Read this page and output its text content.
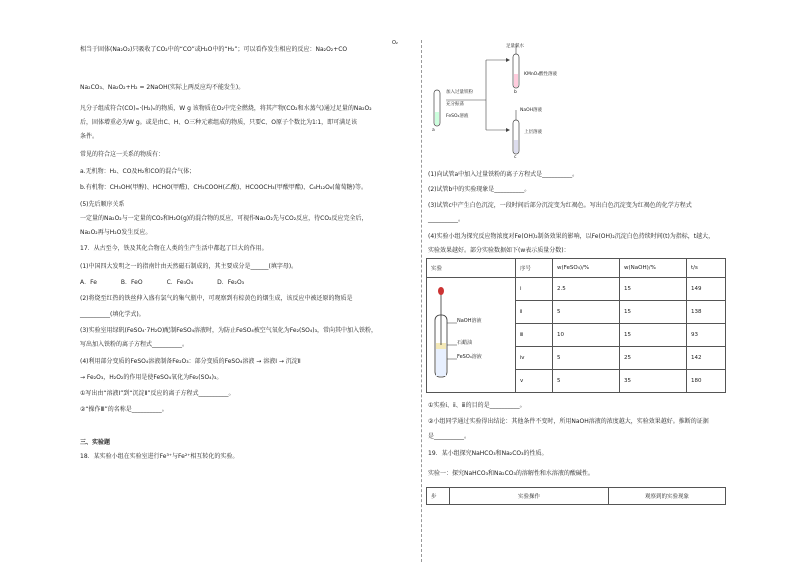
相当于固体(Na₂O₂)只吸收了CO₂中的“CO”或H₂O中的“H₂”；可以看作发生相应的反应：Na₂O₂+CO
Na₂CO₃、Na₂O₂+H₂ = 2NaOH(实际上两反应均不能发生)。
凡分子组成符合(CO)ₘ·(H₂)ₙ的物质，W g 该物质在O₂中完全燃烧，将其产物(CO₂和水蒸气)通过足量的Na₂O₂
后，固体增重必为W g。或是由C、H、O三种元素组成的物质，只要C、O原子个数比为1∶1，即可满足该
条件。
常见的符合这一关系的物质有：
a.无机物：H₂、CO及H₂和CO的混合气体；
b.有机物：CH₃OH(甲醇)、HCHO(甲醛)、CH₃COOH(乙酸)、HCOOCH₃(甲酸甲酯)、C₆H₁₂O₆(葡萄糖)等。
(5)先后顺序关系
一定量的Na₂O₂与一定量的CO₂和H₂O(g)的混合物的反应，可视作Na₂O₂先与CO₂反应，待CO₂反应完全后，
Na₂O₂再与H₂O发生反应。
17．从古至今，铁及其化合物在人类的生产生活中都起了巨大的作用。
(1)中国四大发明之一的指南针由天然磁石制成的，其主要成分是______(填字母)。
A．Fe　　　　B．FeO　　　　C．Fe₃O₄　　　　D．Fe₂O₃
(2)将烧至红热的铁丝伸入盛有氯气的集气瓶中，可观察到有棕黄色的烟生成，该反应中被还原的物质是
__________(填化学式)。
(3)实验室用绿矾(FeSO₄·7H₂O)配制FeSO₄溶液时，为防止FeSO₄被空气氧化为Fe₂(SO₄)₃，常向其中加入铁粉，
写出加入铁粉的离子方程式__________。
(4)利用部分变质的FeSO₄溶液制备Fe₂O₃：部分变质的FeSO₄溶液 → 溶液Ⅰ → 沉淀Ⅱ
→ Fe₂O₃，H₂O₂的作用是使FeSO₄氧化为Fe₂(SO₄)₃。
①写出由“溶液Ⅰ”到“沉淀Ⅱ”反应的离子方程式__________。
②“操作Ⅲ”的名称是__________。
三、实验题
18．某实验小组在实验室进行Fe³⁺与Fe²⁺相互转化的实验。
O₂
足量氯水
KMnO₄酸性溶液
a
b
c
加入过量铁粉
充分振荡
FeSO₄溶液
NaOH溶液
上层溶液
(1)向试管a中加入过量铁粉的离子方程式是__________。
(2)试管b中的实验现象是__________。
(3)试管c中产生白色沉淀，一段时间后部分沉淀变为红褐色。写出白色沉淀变为红褐色的化学方程式
__________。
(4)实验小组为探究反应物浓度对Fe(OH)₂制备效果的影响，以Fe(OH)₂沉淀白色持续时间(t)为指标，t越大，
实验效果越好。部分实验数据如下(w表示质量分数)：
①实验ⅰ、ⅱ、ⅲ的目的是__________。
②小组同学通过实验得出结论：其他条件不变时，所用NaOH溶液的浓度越大，实验效果越好。推断的证据
是__________。
19．某小组探究NaHCO₃和Na₂CO₃的性质。
实验一：探究NaHCO₃和Na₂CO₃的溶解性和水溶液的酸碱性。
实验	序号	w(FeSO₄)/%	w(NaOH)/%	t/s

NaOH溶液
石蜡油
FeSO₄溶液	ⅰ	2.5	15	149
	ⅱ	5	15	138
	ⅲ	10	15	93
	ⅳ	5	25	142
	ⅴ	5	35	180
步	实验操作	观察到的实验现象
